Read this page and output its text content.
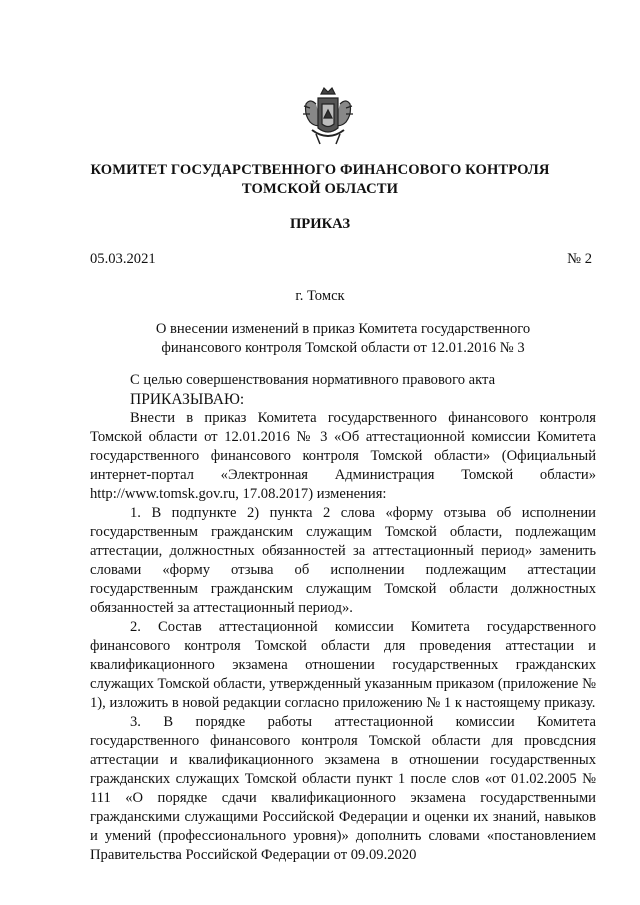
КОМИТЕТ ГОСУДАРСТВЕННОГО ФИНАНСОВОГО КОНТРОЛЯ
ТОМСКОЙ ОБЛАСТИ
ПРИКАЗ
05.03.2021	№ 2
г. Томск
О внесении изменений в приказ Комитета государственного
финансового контроля Томской области от 12.01.2016 № 3

С целью совершенствования нормативного правового акта

ПРИКАЗЫВАЮ:

Внести в приказ Комитета государственного финансового контроля Томской области от 12.01.2016 № 3 «Об аттестационной комиссии Комитета государственного финансового контроля Томской области» (Официальный интернет-портал «Электронная Администрация Томской области» http://www.tomsk.gov.ru, 17.08.2017) изменения:

1. В подпункте 2) пункта 2 слова «форму отзыва об исполнении государственным гражданским служащим Томской области, подлежащим аттестации, должностных обязанностей за аттестационный период» заменить словами «форму отзыва об исполнении подлежащим аттестации государственным гражданским служащим Томской области должностных обязанностей за аттестационный период».

2. Состав аттестационной комиссии Комитета государственного финансового контроля Томской области для проведения аттестации и квалификационного экзамена отношении государственных гражданских служащих Томской области, утвержденный указанным приказом (приложение № 1), изложить в новой редакции согласно приложению № 1 к настоящему приказу.

3. В порядке работы аттестационной комиссии Комитета государственного финансового контроля Томской области для провсдсния аттестации и квалификационного экзамена в отношении государственных гражданских служащих Томской области пункт 1 после слов «от 01.02.2005 № 111 «О порядке сдачи квалификационного экзамена государственными гражданскими служащими Российской Федерации и оценки их знаний, навыков и умений (профессионального уровня)» дополнить словами «постановлением Правительства Российской Федерации от 09.09.2020
